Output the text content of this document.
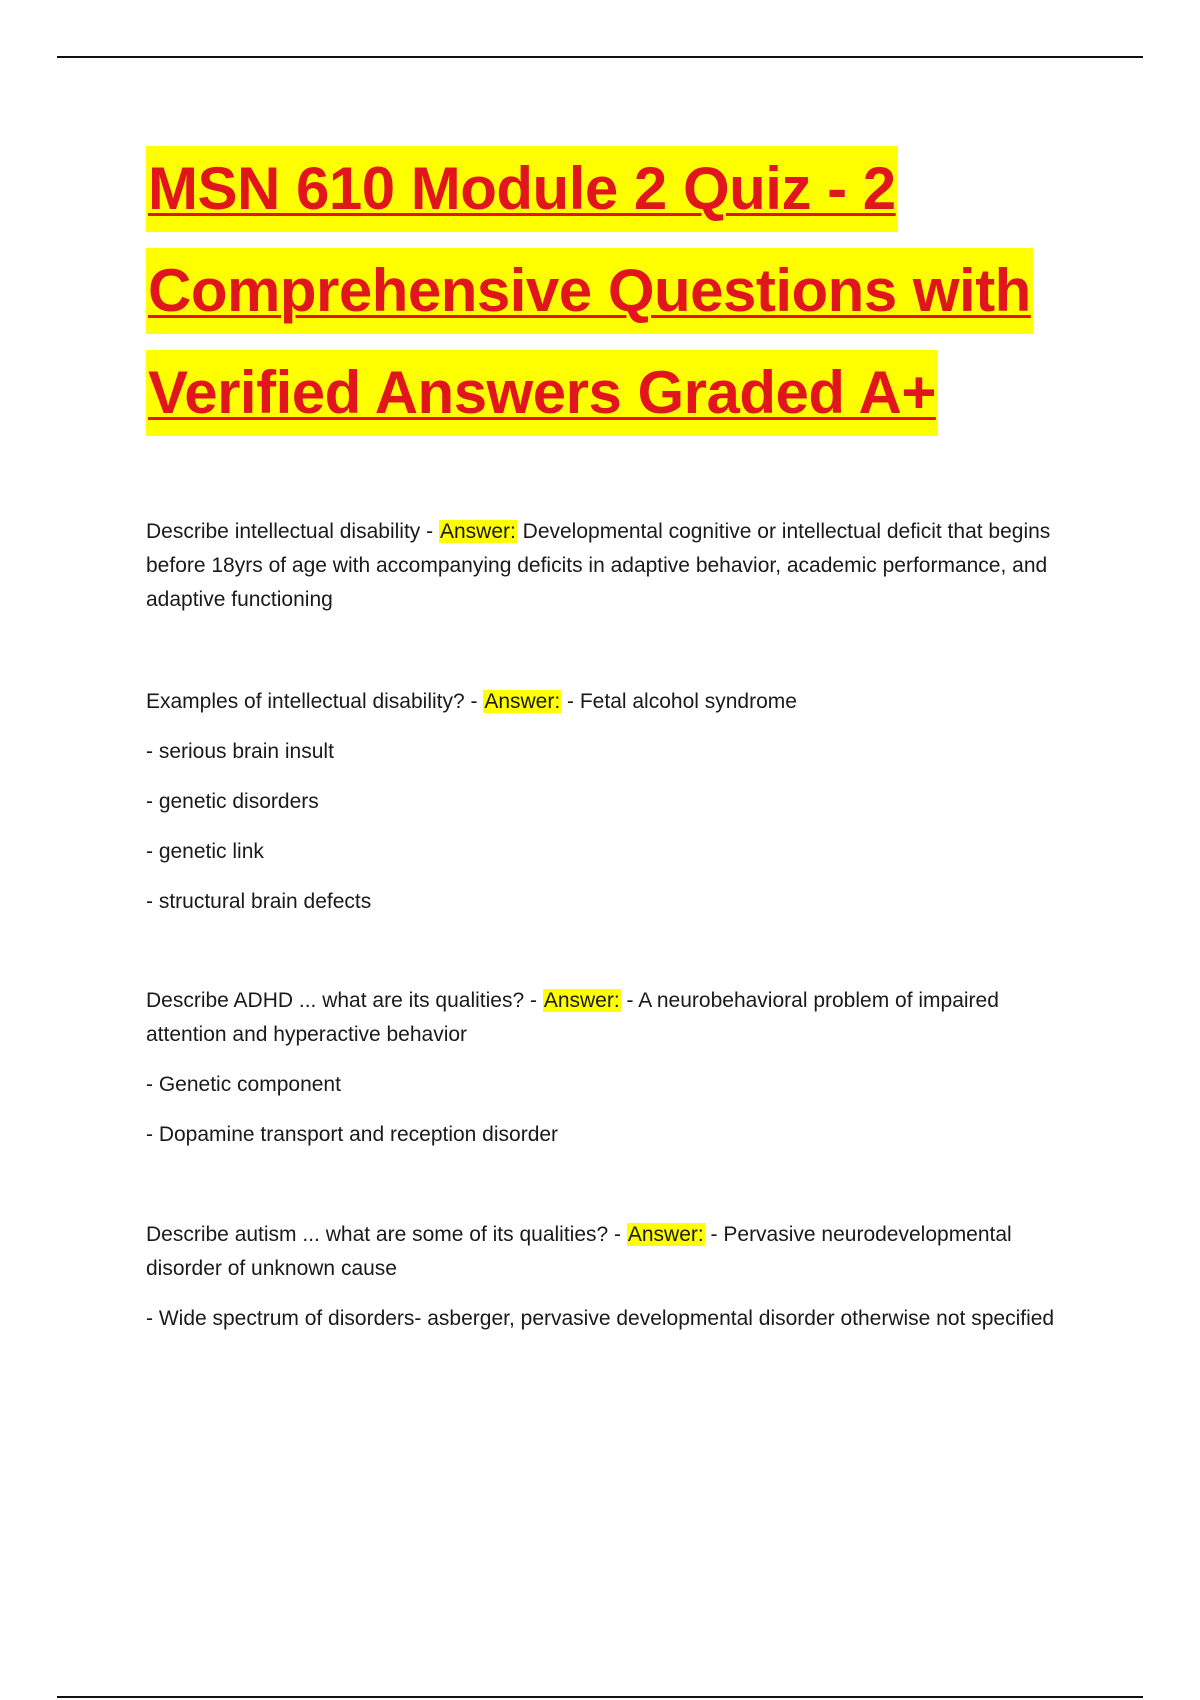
MSN 610 Module 2 Quiz - 2
Comprehensive Questions with
Verified Answers Graded A+

Describe intellectual disability - Answer: Developmental cognitive or intellectual deficit that begins before 18yrs of age with accompanying deficits in adaptive behavior, academic performance, and adaptive functioning

Examples of intellectual disability? - Answer: - Fetal alcohol syndrome

- serious brain insult

- genetic disorders

- genetic link

- structural brain defects

Describe ADHD ... what are its qualities? - Answer: - A neurobehavioral problem of impaired attention and hyperactive behavior

- Genetic component

- Dopamine transport and reception disorder

Describe autism ... what are some of its qualities? - Answer: - Pervasive neurodevelopmental disorder of unknown cause

- Wide spectrum of disorders- asberger, pervasive developmental disorder otherwise not specified
